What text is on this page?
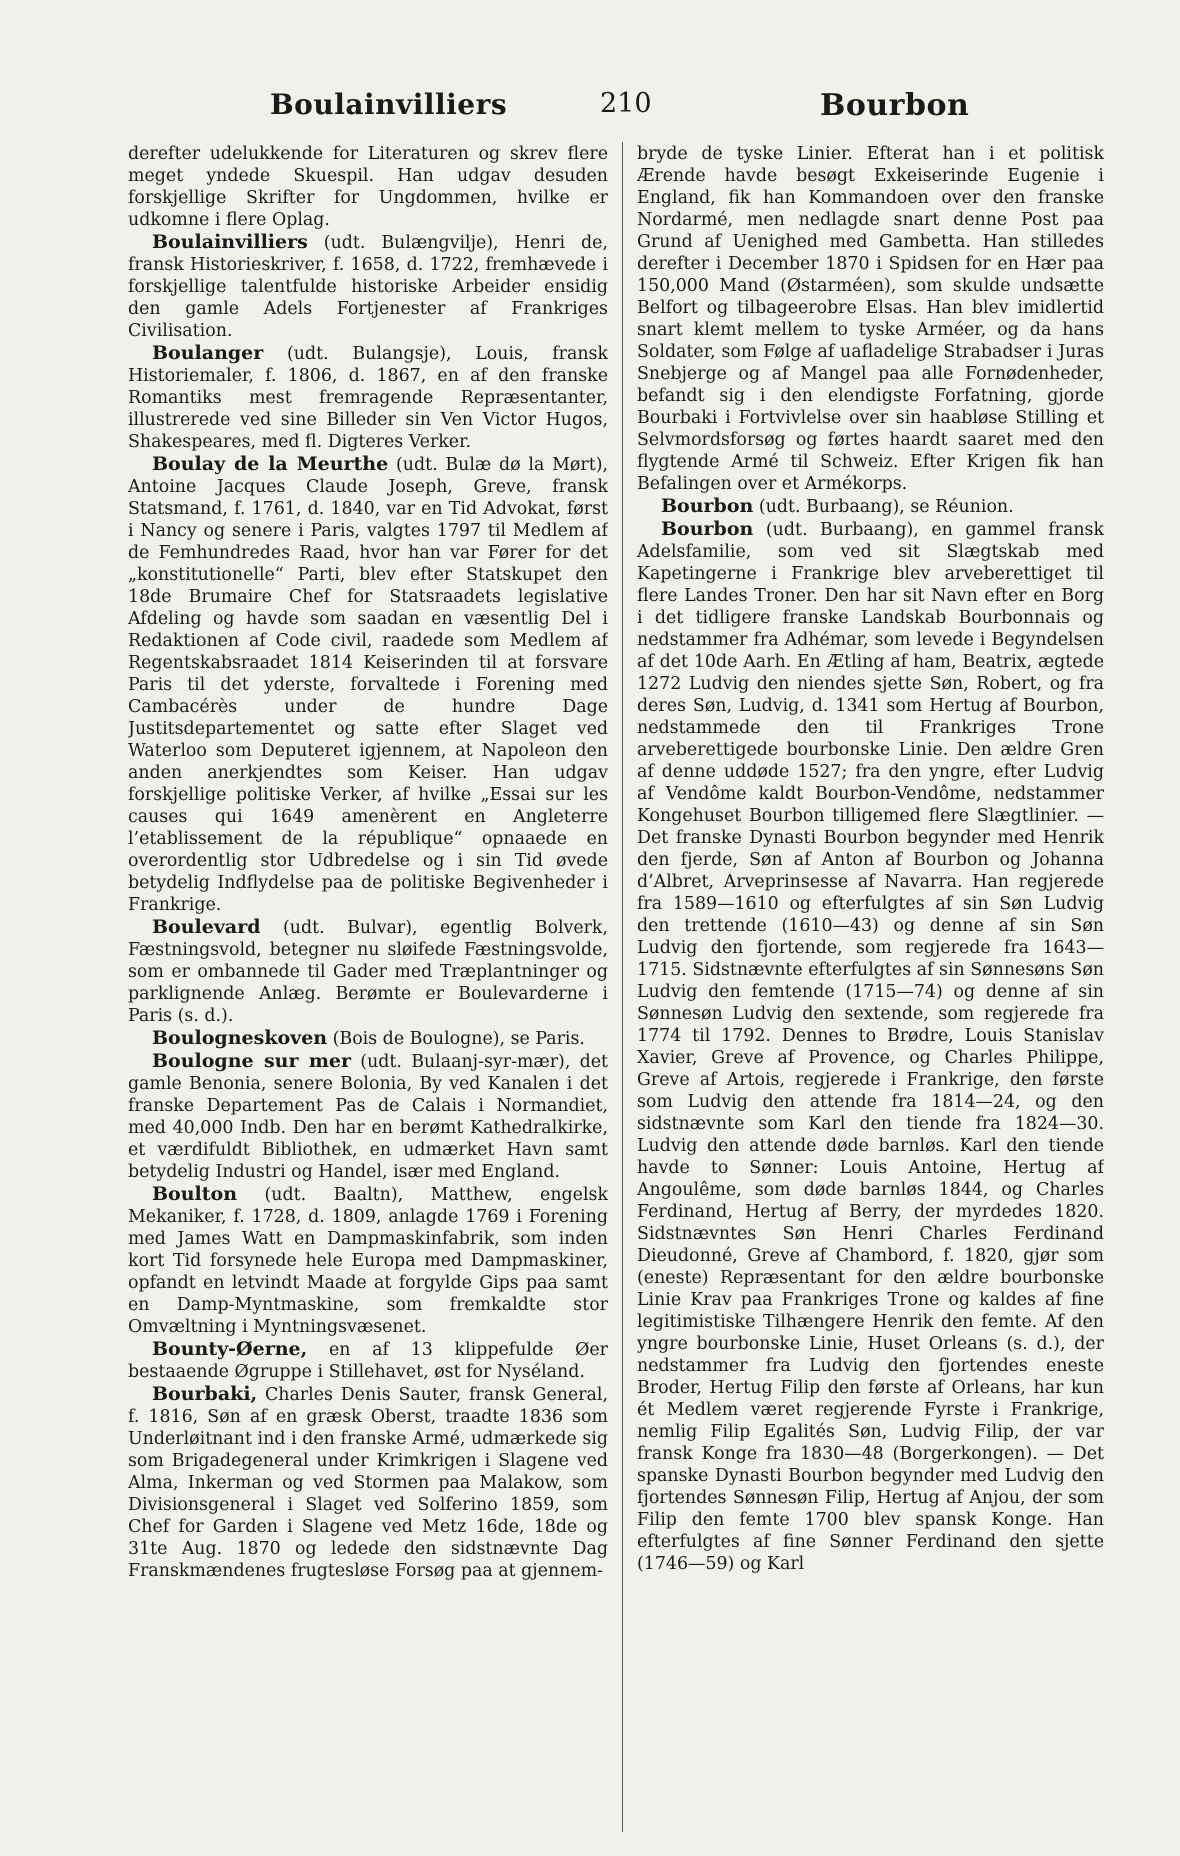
Boulainvilliers	210	Bourbon

derefter udelukkende for Literaturen og skrev flere meget yndede Skuespil. Han udgav desuden forskjellige Skrifter for Ungdommen, hvilke er udkomne i flere Oplag.

Boulainvilliers (udt. Bulængvilje), Henri de, fransk Historieskriver, f. 1658, d. 1722, fremhævede i forskjellige talentfulde historiske Arbeider ensidig den gamle Adels Fortjenester af Frankriges Civilisation.

Boulanger (udt. Bulangsje), Louis, fransk Historiemaler, f. 1806, d. 1867, en af den franske Romantiks mest fremragende Repræsentanter, illustrerede ved sine Billeder sin Ven Victor Hugos, Shakespeares, med fl. Digteres Verker.

Boulay de la Meurthe (udt. Bulæ dø la Mørt), Antoine Jacques Claude Joseph, Greve, fransk Statsmand, f. 1761, d. 1840, var en Tid Advokat, først i Nancy og senere i Paris, valgtes 1797 til Medlem af de Femhundredes Raad, hvor han var Fører for det „konstitutionelle“ Parti, blev efter Statskupet den 18de Brumaire Chef for Statsraadets legislative Afdeling og havde som saadan en væsentlig Del i Redaktionen af Code civil, raadede som Medlem af Regentskabsraadet 1814 Keiserinden til at forsvare Paris til det yderste, forvaltede i Forening med Cambacérès under de hundre Dage Justitsdepartementet og satte efter Slaget ved Waterloo som Deputeret igjennem, at Napoleon den anden anerkjendtes som Keiser. Han udgav forskjellige politiske Verker, af hvilke „Essai sur les causes qui 1649 amenèrent en Angleterre l’etablissement de la république“ opnaaede en overordentlig stor Udbredelse og i sin Tid øvede betydelig Indflydelse paa de politiske Begivenheder i Frankrige.

Boulevard (udt. Bulvar), egentlig Bolverk, Fæstningsvold, betegner nu sløifede Fæstningsvolde, som er ombannede til Gader med Træplantninger og parklignende Anlæg. Berømte er Boulevarderne i Paris (s. d.).

Boulogneskoven (Bois de Boulogne), se Paris.

Boulogne sur mer (udt. Bulaanj-syr-mær), det gamle Benonia, senere Bolonia, By ved Kanalen i det franske Departement Pas de Calais i Normandiet, med 40,000 Indb. Den har en berømt Kathedralkirke, et værdifuldt Bibliothek, en udmærket Havn samt betydelig Industri og Handel, især med England.

Boulton (udt. Baaltn), Matthew, engelsk Mekaniker, f. 1728, d. 1809, anlagde 1769 i Forening med James Watt en Dampmaskinfabrik, som inden kort Tid forsynede hele Europa med Dampmaskiner, opfandt en letvindt Maade at forgylde Gips paa samt en Damp-Myntmaskine, som fremkaldte stor Omvæltning i Myntningsvæsenet.

Bounty-Øerne, en af 13 klippefulde Øer bestaaende Øgruppe i Stillehavet, øst for Nyséland.

Bourbaki, Charles Denis Sauter, fransk General, f. 1816, Søn af en græsk Oberst, traadte 1836 som Underløitnant ind i den franske Armé, udmærkede sig som Brigadegeneral under Krimkrigen i Slagene ved Alma, Inkerman og ved Stormen paa Malakow, som Divisionsgeneral i Slaget ved Solferino 1859, som Chef for Garden i Slagene ved Metz 16de, 18de og 31te Aug. 1870 og ledede den sidstnævnte Dag Franskmændenes frugtesløse Forsøg paa at gjennem-

bryde de tyske Linier. Efterat han i et politisk Ærende havde besøgt Exkeiserinde Eugenie i England, fik han Kommandoen over den franske Nordarmé, men nedlagde snart denne Post paa Grund af Uenighed med Gambetta. Han stilledes derefter i December 1870 i Spidsen for en Hær paa 150,000 Mand (Østarméen), som skulde undsætte Belfort og tilbageerobre Elsas. Han blev imidlertid snart klemt mellem to tyske Arméer, og da hans Soldater, som Følge af uafladelige Strabadser i Juras Snebjerge og af Mangel paa alle Fornødenheder, befandt sig i den elendigste Forfatning, gjorde Bourbaki i Fortvivlelse over sin haabløse Stilling et Selvmordsforsøg og førtes haardt saaret med den flygtende Armé til Schweiz. Efter Krigen fik han Befalingen over et Armékorps.

Bourbon (udt. Burbaang), se Réunion.

Bourbon (udt. Burbaang), en gammel fransk Adelsfamilie, som ved sit Slægtskab med Kapetingerne i Frankrige blev arveberettiget til flere Landes Troner. Den har sit Navn efter en Borg i det tidligere franske Landskab Bourbonnais og nedstammer fra Adhémar, som levede i Begyndelsen af det 10de Aarh. En Ætling af ham, Beatrix, ægtede 1272 Ludvig den niendes sjette Søn, Robert, og fra deres Søn, Ludvig, d. 1341 som Hertug af Bourbon, nedstammede den til Frankriges Trone arveberettigede bourbonske Linie. Den ældre Gren af denne uddøde 1527; fra den yngre, efter Ludvig af Vendôme kaldt Bourbon-Vendôme, nedstammer Kongehuset Bourbon tilligemed flere Slægtlinier. — Det franske Dynasti Bourbon begynder med Henrik den fjerde, Søn af Anton af Bourbon og Johanna d’Albret, Arveprinsesse af Navarra. Han regjerede fra 1589—1610 og efterfulgtes af sin Søn Ludvig den trettende (1610—43) og denne af sin Søn Ludvig den fjortende, som regjerede fra 1643—1715. Sidstnævnte efterfulgtes af sin Sønnesøns Søn Ludvig den femtende (1715—74) og denne af sin Sønnesøn Ludvig den sextende, som regjerede fra 1774 til 1792. Dennes to Brødre, Louis Stanislav Xavier, Greve af Provence, og Charles Philippe, Greve af Artois, regjerede i Frankrige, den første som Ludvig den attende fra 1814—24, og den sidstnævnte som Karl den tiende fra 1824—30. Ludvig den attende døde barnløs. Karl den tiende havde to Sønner: Louis Antoine, Hertug af Angoulême, som døde barnløs 1844, og Charles Ferdinand, Hertug af Berry, der myrdedes 1820. Sidstnævntes Søn Henri Charles Ferdinand Dieudonné, Greve af Chambord, f. 1820, gjør som (eneste) Repræsentant for den ældre bourbonske Linie Krav paa Frankriges Trone og kaldes af fine legitimistiske Tilhængere Henrik den femte. Af den yngre bourbonske Linie, Huset Orleans (s. d.), der nedstammer fra Ludvig den fjortendes eneste Broder, Hertug Filip den første af Orleans, har kun ét Medlem været regjerende Fyrste i Frankrige, nemlig Filip Egalités Søn, Ludvig Filip, der var fransk Konge fra 1830—48 (Borgerkongen). — Det spanske Dynasti Bourbon begynder med Ludvig den fjortendes Sønnesøn Filip, Hertug af Anjou, der som Filip den femte 1700 blev spansk Konge. Han efterfulgtes af fine Sønner Ferdinand den sjette (1746—59) og Karl
